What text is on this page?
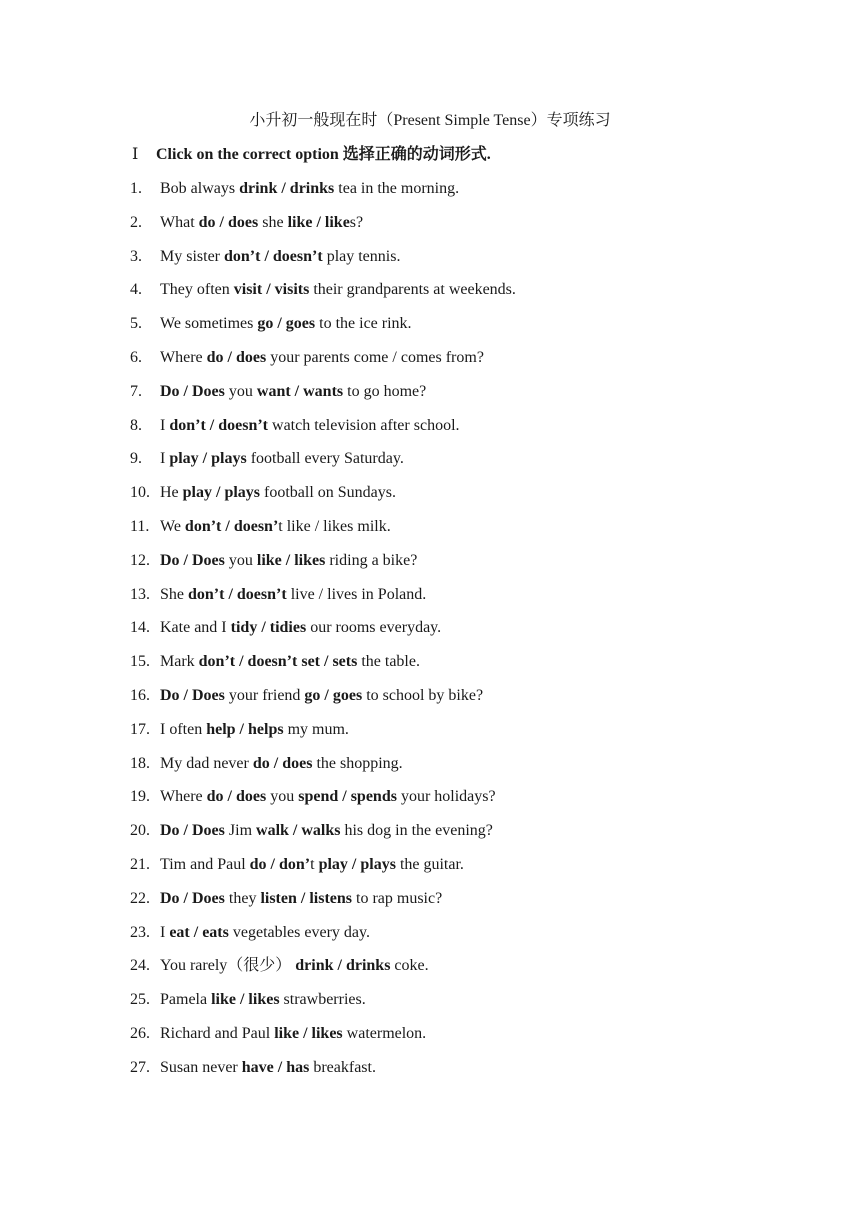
小升初一般现在时（Present Simple Tense）专项练习
Ⅰ Click on the correct option 选择正确的动词形式.
1. Bob always drink / drinks tea in the morning.
2. What do / does she like / likes?
3. My sister don’t / doesn’t play tennis.
4. They often visit / visits their grandparents at weekends.
5. We sometimes go / goes to the ice rink.
6. Where do / does your parents come / comes from?
7. Do / Does you want / wants to go home?
8. I don’t / doesn’t watch television after school.
9. I play / plays football every Saturday.
10. He play / plays football on Sundays.
11. We don’t / doesn’t like / likes milk.
12. Do / Does you like / likes riding a bike?
13. She don’t / doesn’t live / lives in Poland.
14. Kate and I tidy / tidies our rooms everyday.
15. Mark don’t / doesn’t set / sets the table.
16. Do / Does your friend go / goes to school by bike?
17. I often help / helps my mum.
18. My dad never do / does the shopping.
19. Where do / does you spend / spends your holidays?
20. Do / Does Jim walk / walks his dog in the evening?
21. Tim and Paul do / don’t play / plays the guitar.
22. Do / Does they listen / listens to rap music?
23. I eat / eats vegetables every day.
24. You rarely（很少） drink / drinks coke.
25. Pamela like / likes strawberries.
26. Richard and Paul like / likes watermelon.
27. Susan never have / has breakfast.
